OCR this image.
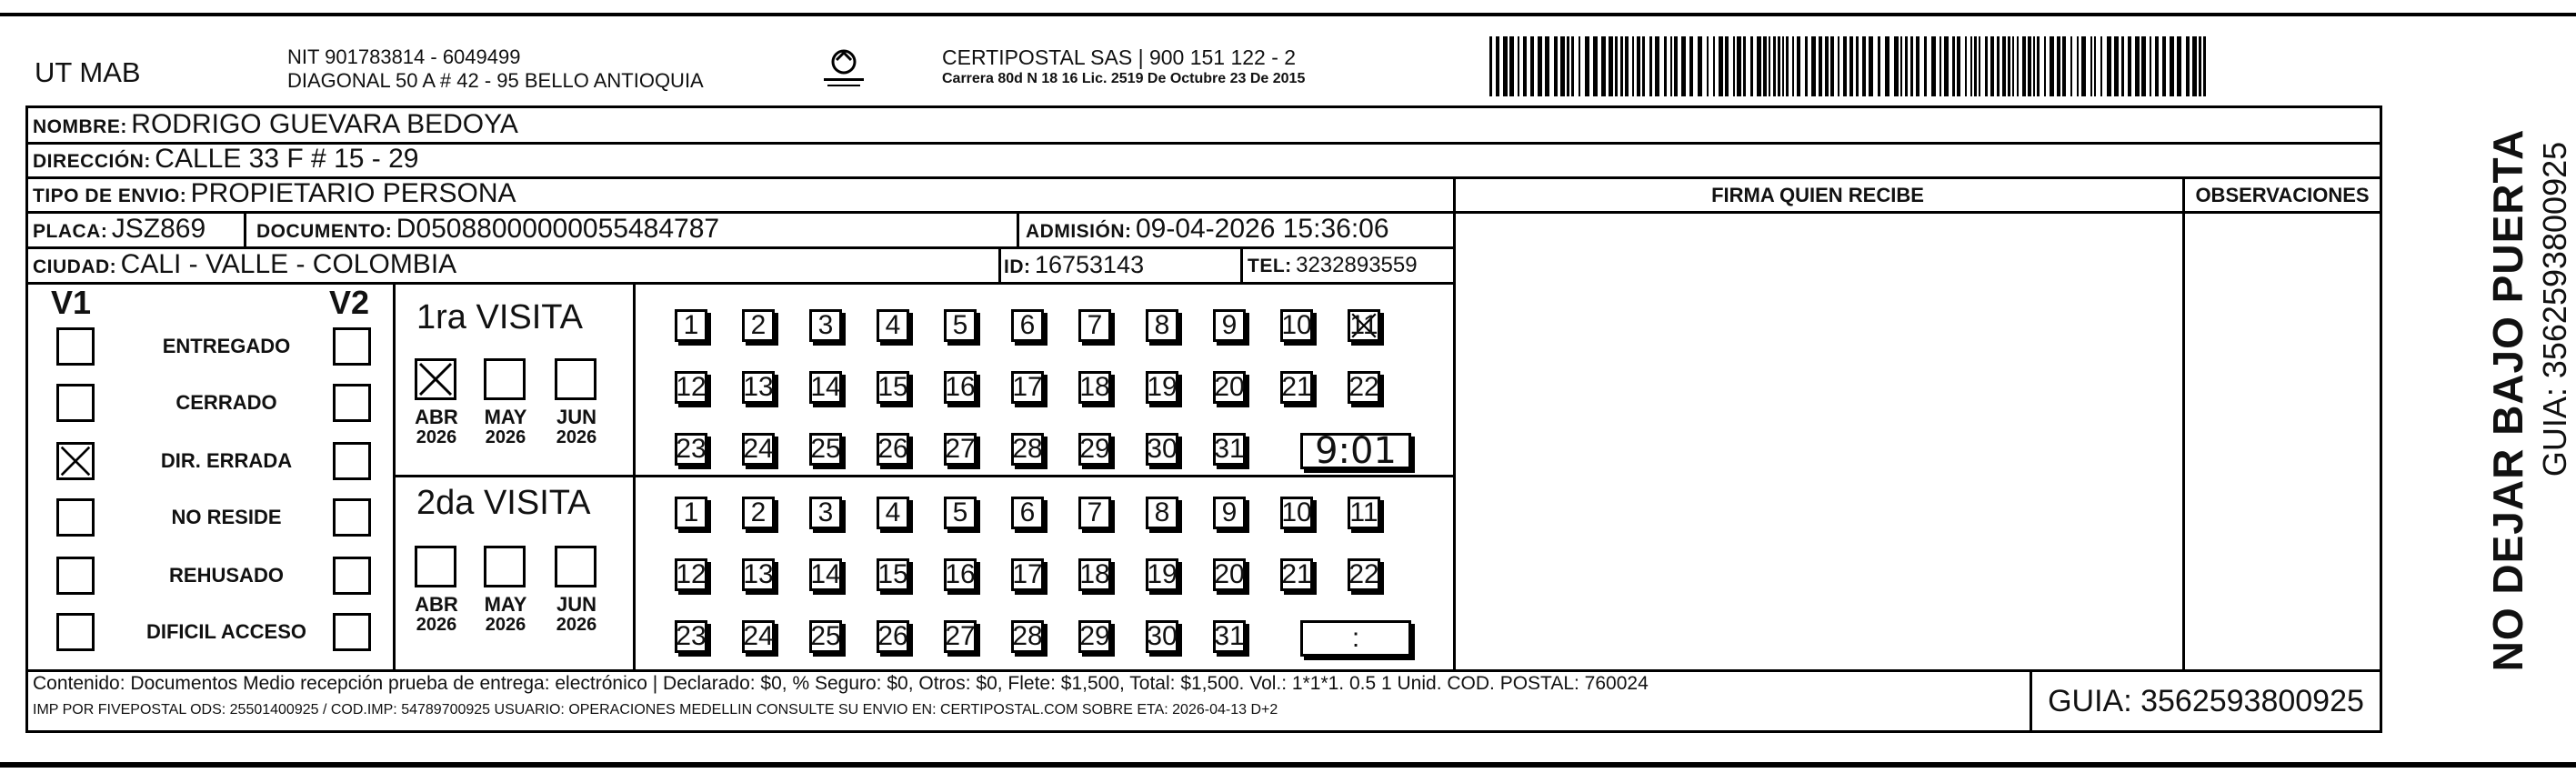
UT MAB	NIT 901783814 - 6049499
DIAGONAL 50 A # 42 - 95 BELLO ANTIOQUIA
CERTIPOSTAL SAS | 900 151 122 - 2
Carrera 80d N 18 16 Lic. 2519 De Octubre 23 De 2015
NOMBRE: RODRIGO GUEVARA BEDOYA
DIRECCIÓN: CALLE 33 F # 15 - 29
TIPO DE ENVIO: PROPIETARIO PERSONA	FIRMA QUIEN RECIBE	OBSERVACIONES
PLACA: JSZ869	DOCUMENTO: D05088000000055484787	ADMISIÓN: 09-04-2026 15:36:06
CIUDAD: CALI - VALLE - COLOMBIA	ID: 16753143	TEL: 3232893559
V1	V2 1ra VISITA
2da VISITA
Contenido: Documentos Medio recepción prueba de entrega: electrónico | Declarado: $0, % Seguro: $0, Otros: $0, Flete: $1,500, Total: $1,500. Vol.: 1*1*1. 0.5 1 Unid. COD. POSTAL: 760024
IMP POR FIVEPOSTAL ODS: 25501400925 / COD.IMP: 54789700925 USUARIO: OPERACIONES MEDELLIN CONSULTE SU ENVIO EN: CERTIPOSTAL.COM SOBRE ETA: 2026-04-13 D+2	GUIA: 3562593800925
NO DEJAR BAJO PUERTA GUIA: 3562593800925
ENTREGADO
CERRADO
DIR. ERRADA
NO RESIDE
REHUSADO
DIFICIL ACCESO
ABR
2026
MAY
2026
JUN
2026
ABR
2026
MAY
2026
JUN
2026
1	2	3	4	5	6	7	8	9	10 11
12 13 14 15 16 17 18 19 20 21 22
23 24 25 26 27 28 29 30 31	9:01
1	2	3	4	5	6	7	8	9	10 11
12 13 14 15 16 17 18 19 20 21 22
23 24 25 26 27 28 29 30 31	:
